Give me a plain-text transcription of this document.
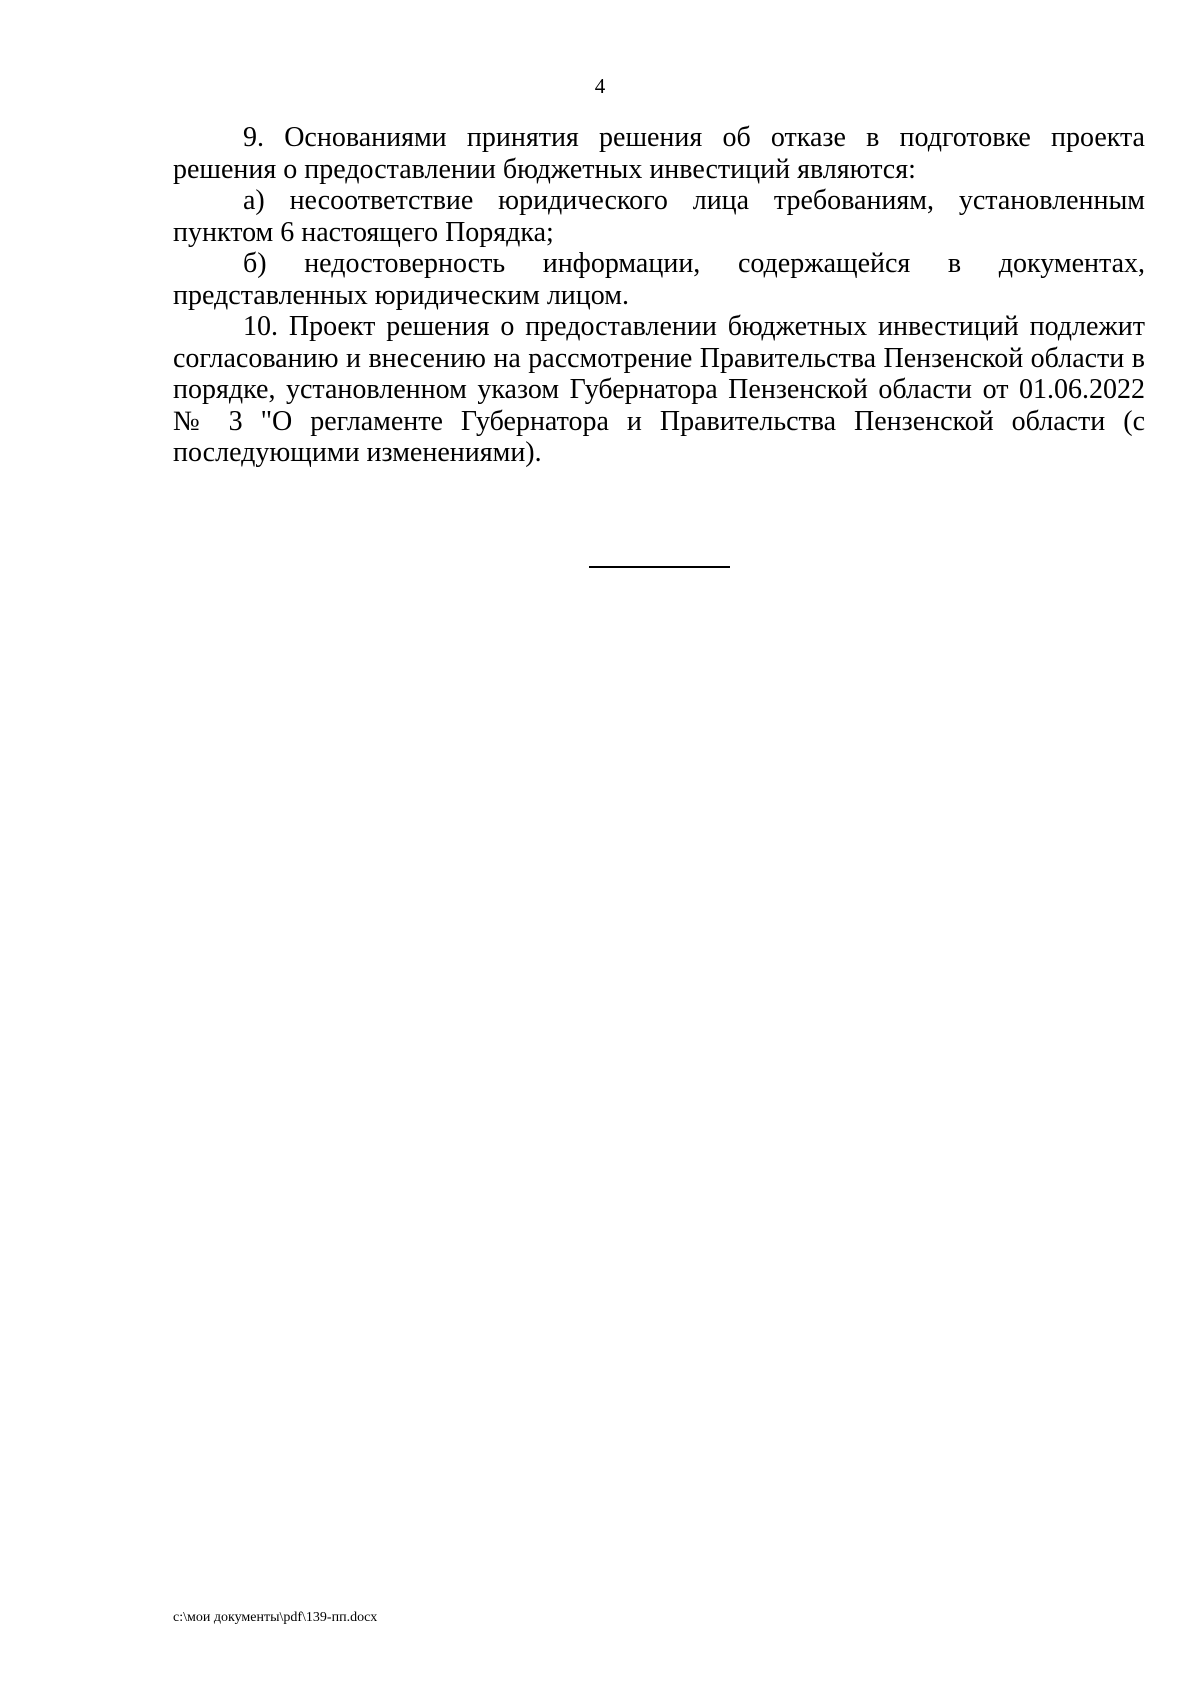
4

9. Основаниями принятия решения об отказе в подготовке проекта решения о предоставлении бюджетных инвестиций являются:

а) несоответствие юридического лица требованиям, установленным пунктом 6 настоящего Порядка;

б) недостоверность информации, содержащейся в документах, представленных юридическим лицом.

10. Проект решения о предоставлении бюджетных инвестиций подлежит согласованию и внесению на рассмотрение Правительства Пензенской области в порядке, установленном указом Губернатора Пензенской области от 01.06.2022 № 3 "О регламенте Губернатора и Правительства Пензенской области (с последующими изменениями).

c:\мои документы\pdf\139-пп.docx
